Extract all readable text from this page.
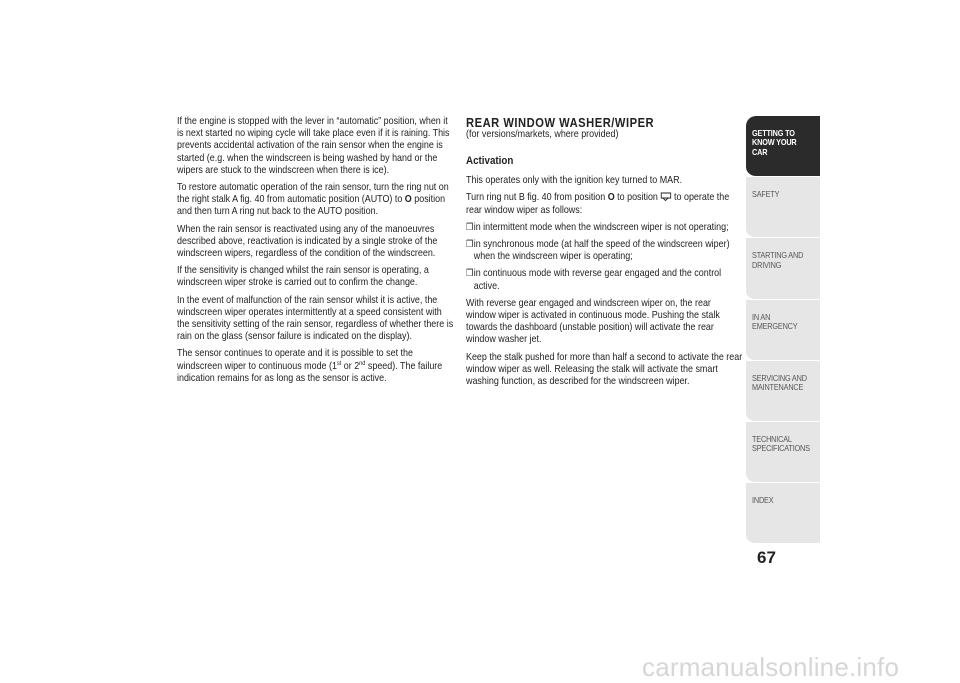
If the engine is stopped with the lever in “automatic” position, when it is next started no wiping cycle will take place even if it is raining. This prevents accidental activation of the rain sensor when the engine is started (e.g. when the windscreen is being washed by hand or the wipers are stuck to the windscreen when there is ice).

To restore automatic operation of the rain sensor, turn the ring nut on the right stalk A fig. 40 from automatic position (AUTO) to O position and then turn A ring nut back to the AUTO position.

When the rain sensor is reactivated using any of the manoeuvres described above, reactivation is indicated by a single stroke of the windscreen wipers, regardless of the condition of the windscreen.

If the sensitivity is changed whilst the rain sensor is operating, a windscreen wiper stroke is carried out to confirm the change.

In the event of malfunction of the rain sensor whilst it is active, the windscreen wiper operates intermittently at a speed consistent with the sensitivity setting of the rain sensor, regardless of whether there is rain on the glass (sensor failure is indicated on the display).

The sensor continues to operate and it is possible to set the windscreen wiper to continuous mode (1st or 2nd speed). The failure indication remains for as long as the sensor is active.

REAR WINDOW WASHER/WIPER
(for versions/markets, where provided)
Activation

This operates only with the ignition key turned to MAR.

Turn ring nut B fig. 40 from position O to position  to operate the rear window wiper as follows:

❒ in intermittent mode when the windscreen wiper is not operating;
❒ in synchronous mode (at half the speed of the windscreen wiper) when the windscreen wiper is operating;
❒ in continuous mode with reverse gear engaged and the control active.

With reverse gear engaged and windscreen wiper on, the rear window wiper is activated in continuous mode. Pushing the stalk towards the dashboard (unstable position) will activate the rear window washer jet.

Keep the stalk pushed for more than half a second to activate the rear window wiper as well. Releasing the stalk will activate the smart washing function, as described for the windscreen wiper.

GETTING TO
KNOW YOUR CAR
SAFETY
STARTING AND
DRIVING
IN AN EMERGENCY
SERVICING AND
MAINTENANCE
TECHNICAL
SPECIFICATIONS
INDEX
67
carmanualsonline.info
